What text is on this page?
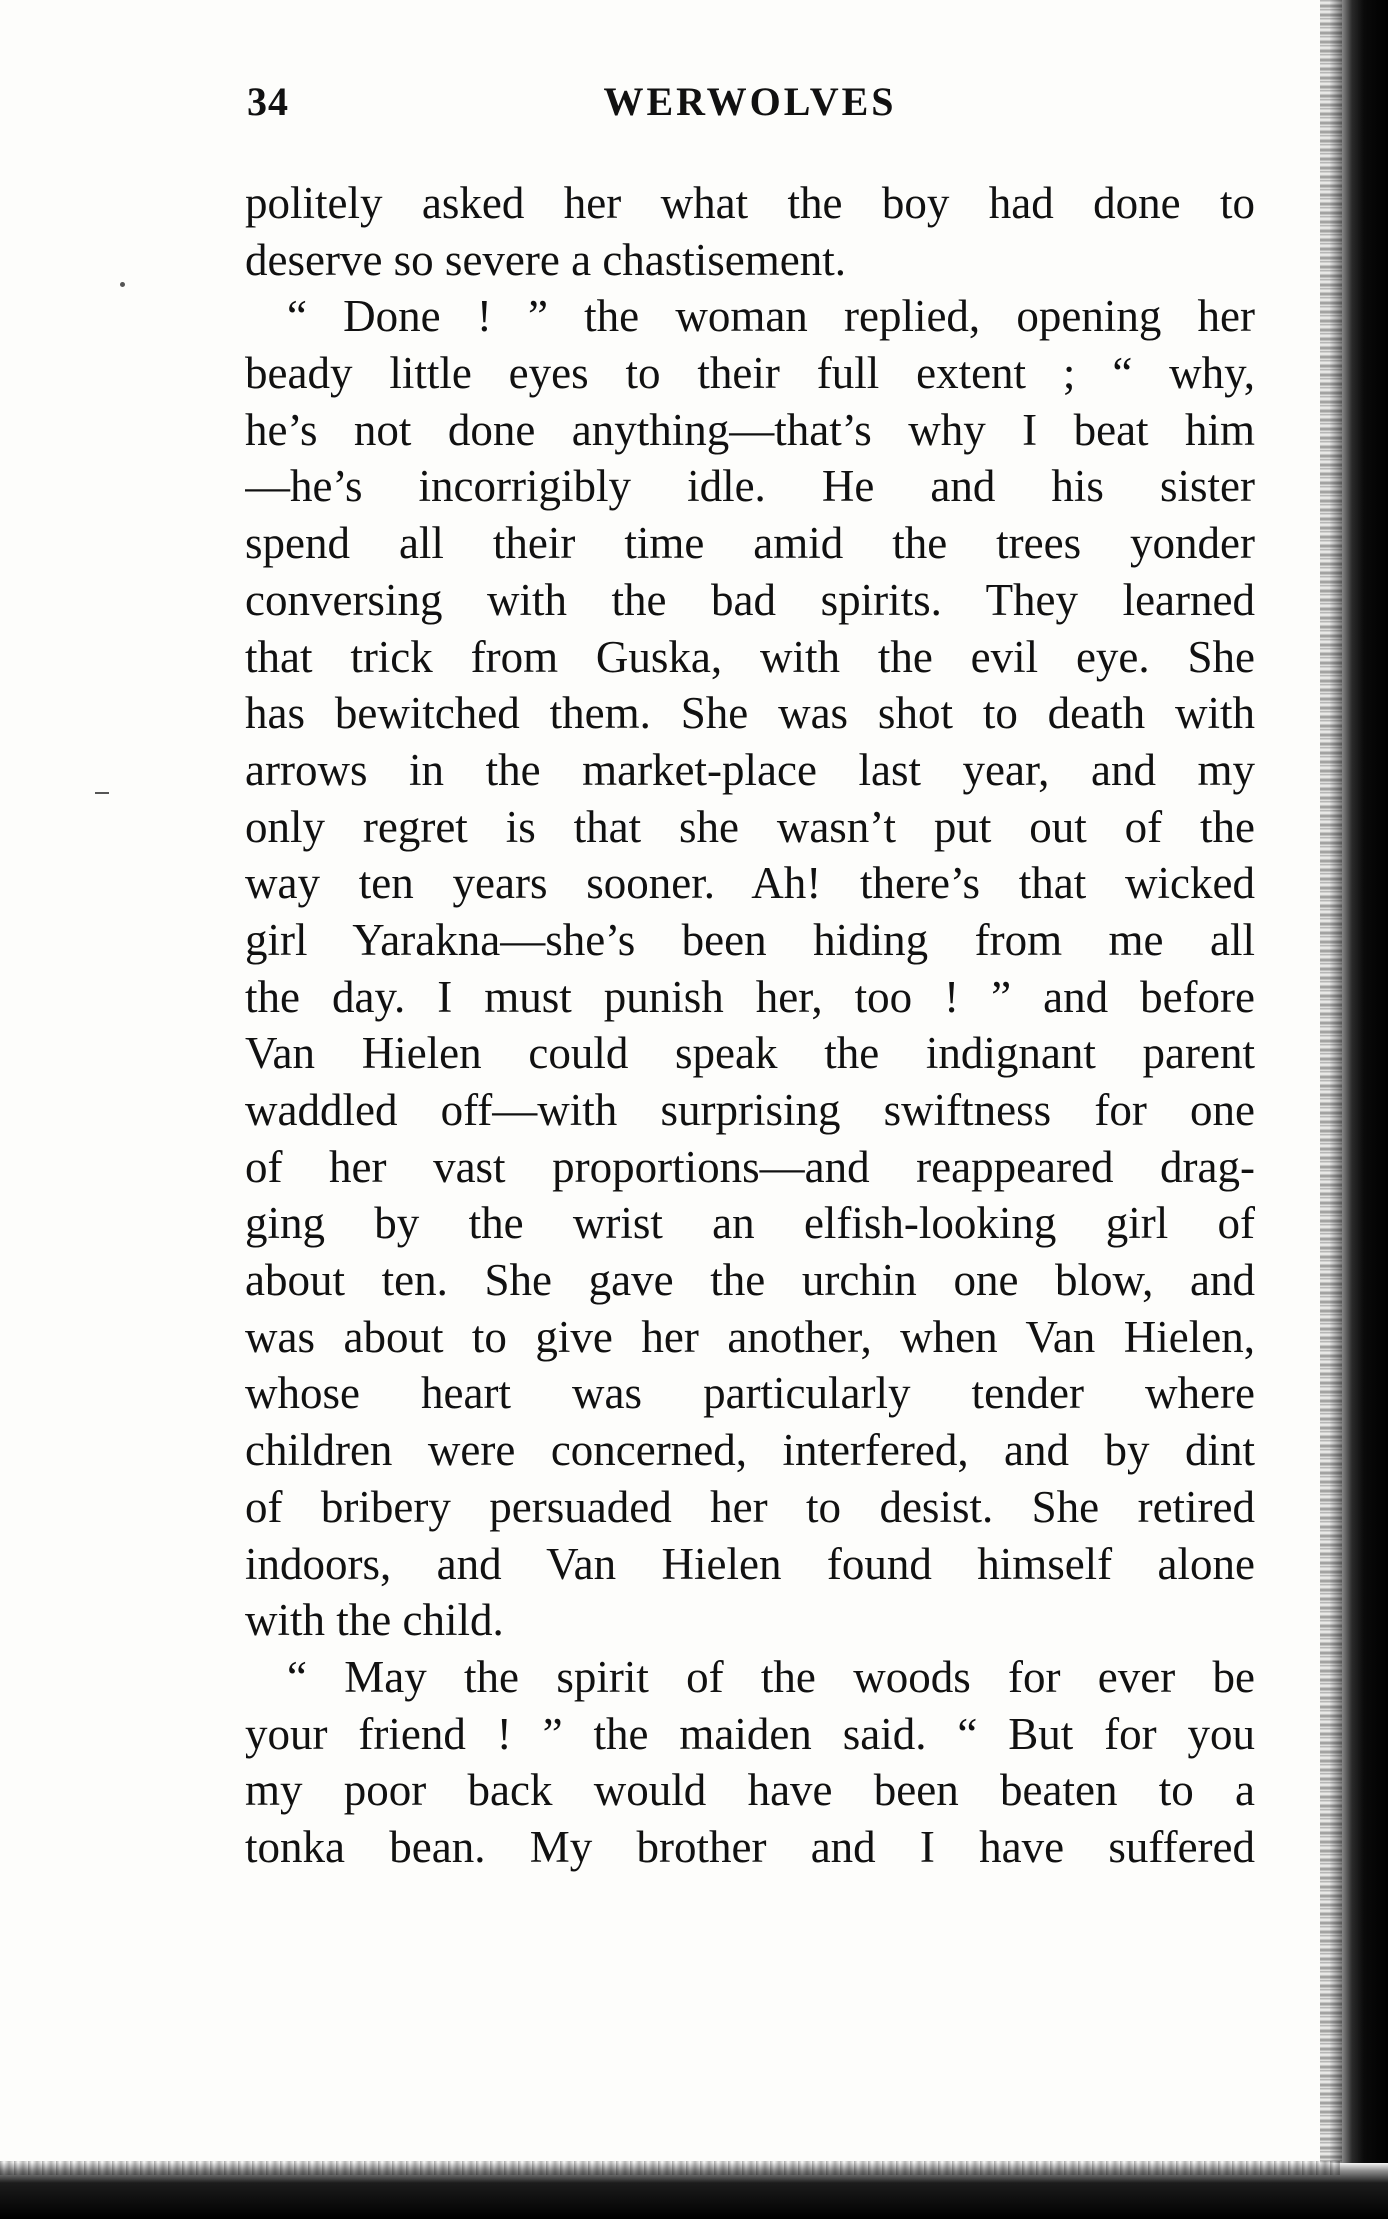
34	WERWOLVES
politely asked her what the boy had done to
deserve so severe a chastisement.
“ Done ! ” the woman replied, opening her
beady little eyes to their full extent ; “ why,
he’s not done anything—that’s why I beat him
—he’s incorrigibly idle. He and his sister
spend all their time amid the trees yonder
conversing with the bad spirits. They learned
that trick from Guska, with the evil eye. She
has bewitched them. She was shot to death with
arrows in the market-place last year, and my
only regret is that she wasn’t put out of the
way ten years sooner. Ah! there’s that wicked
girl Yarakna—she’s been hiding from me all
the day. I must punish her, too ! ” and before
Van Hielen could speak the indignant parent
waddled off—with surprising swiftness for one
of her vast proportions—and reappeared drag-
ging by the wrist an elfish-looking girl of
about ten. She gave the urchin one blow, and
was about to give her another, when Van Hielen,
whose heart was particularly tender where
children were concerned, interfered, and by dint
of bribery persuaded her to desist. She retired
indoors, and Van Hielen found himself alone
with the child.
“ May the spirit of the woods for ever be
your friend ! ” the maiden said. “ But for you
my poor back would have been beaten to a
tonka bean. My brother and I have suffered
